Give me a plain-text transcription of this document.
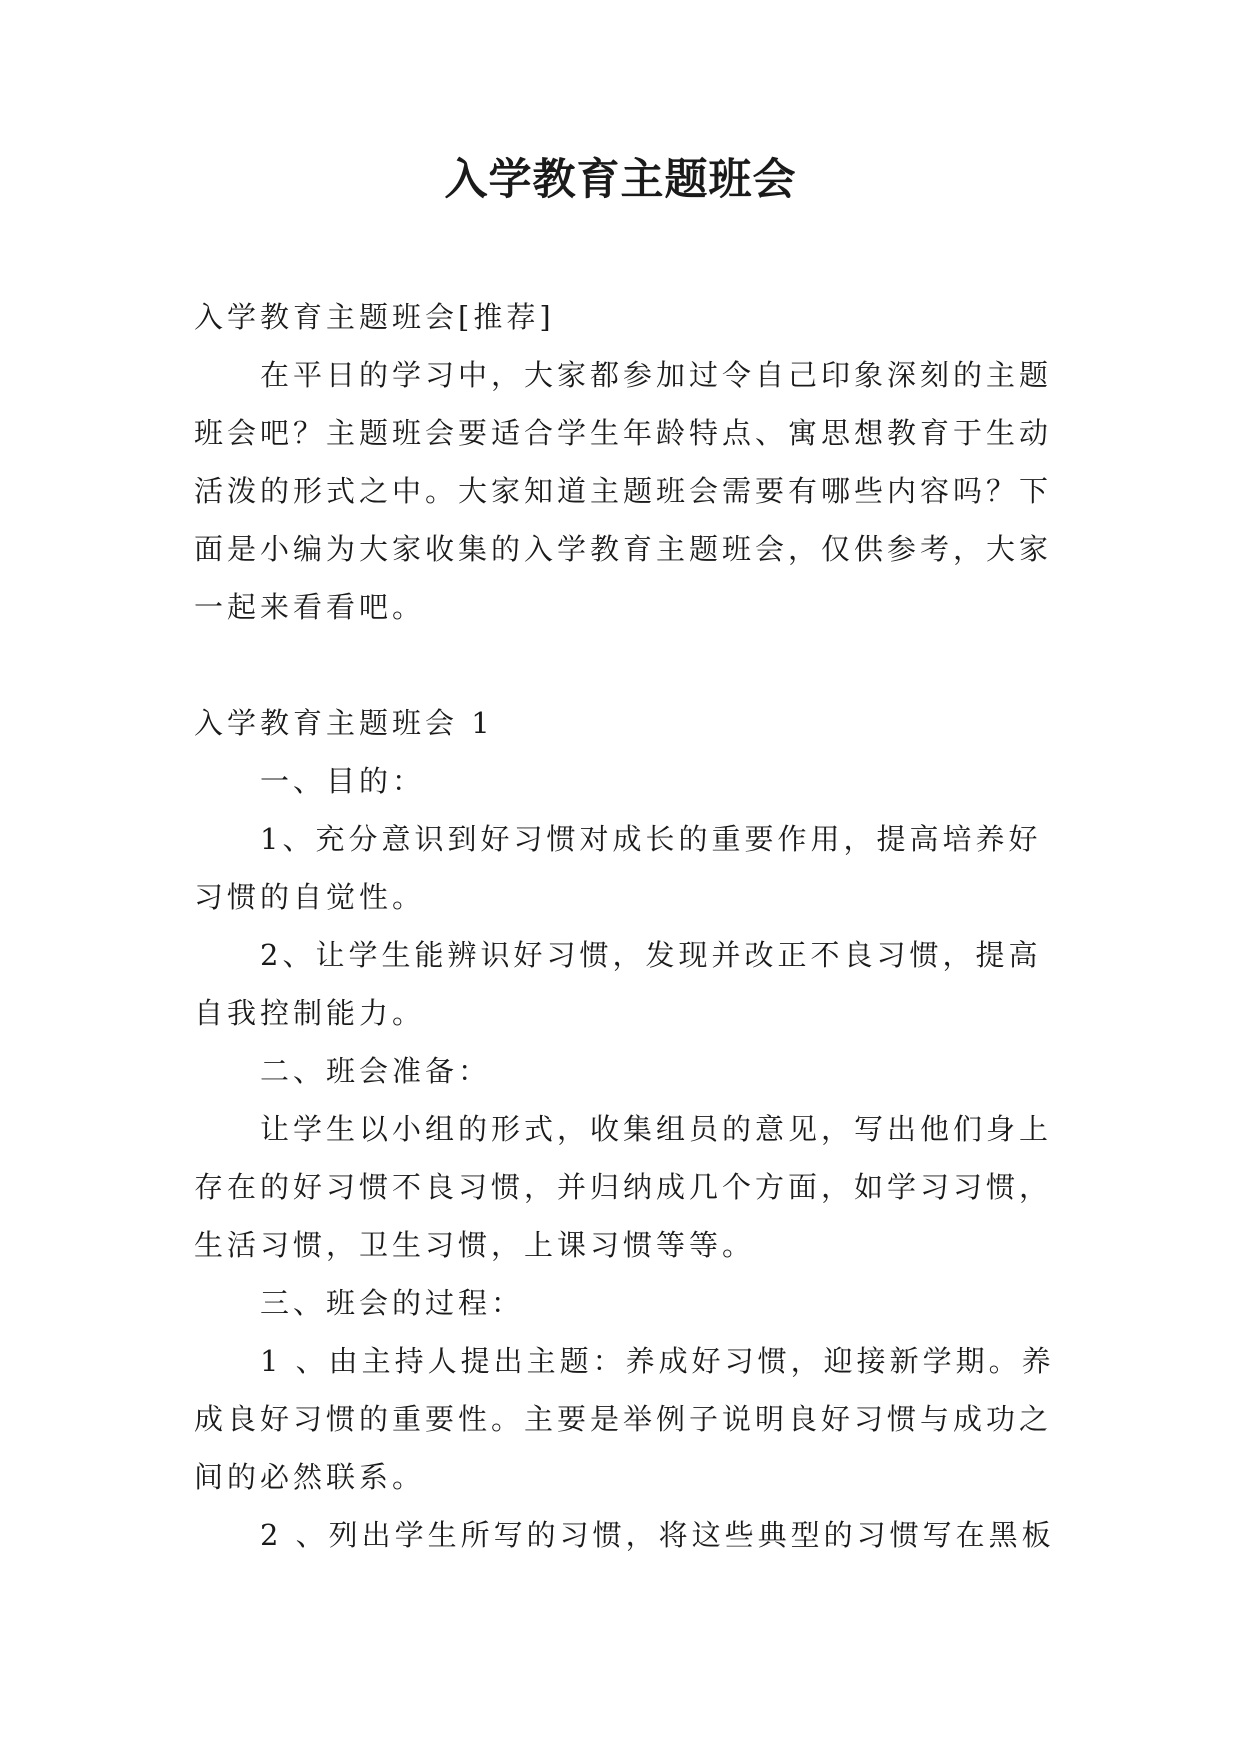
入学教育主题班会
入学教育主题班会[推荐]
在平日的学习中，大家都参加过令自己印象深刻的主题
班会吧？主题班会要适合学生年龄特点、寓思想教育于生动
活泼的形式之中。大家知道主题班会需要有哪些内容吗？下
面是小编为大家收集的入学教育主题班会，仅供参考，大家
一起来看看吧。
入学教育主题班会 1
一、目的：
1、充分意识到好习惯对成长的重要作用，提高培养好
习惯的自觉性。
2、让学生能辨识好习惯，发现并改正不良习惯，提高
自我控制能力。
二、班会准备：
让学生以小组的形式，收集组员的意见，写出他们身上
存在的好习惯不良习惯，并归纳成几个方面，如学习习惯，
生活习惯，卫生习惯，上课习惯等等。
三、班会的过程：
1 、由主持人提出主题：养成好习惯，迎接新学期。养
成良好习惯的重要性。主要是举例子说明良好习惯与成功之
间的必然联系。
2 、列出学生所写的习惯，将这些典型的习惯写在黑板
